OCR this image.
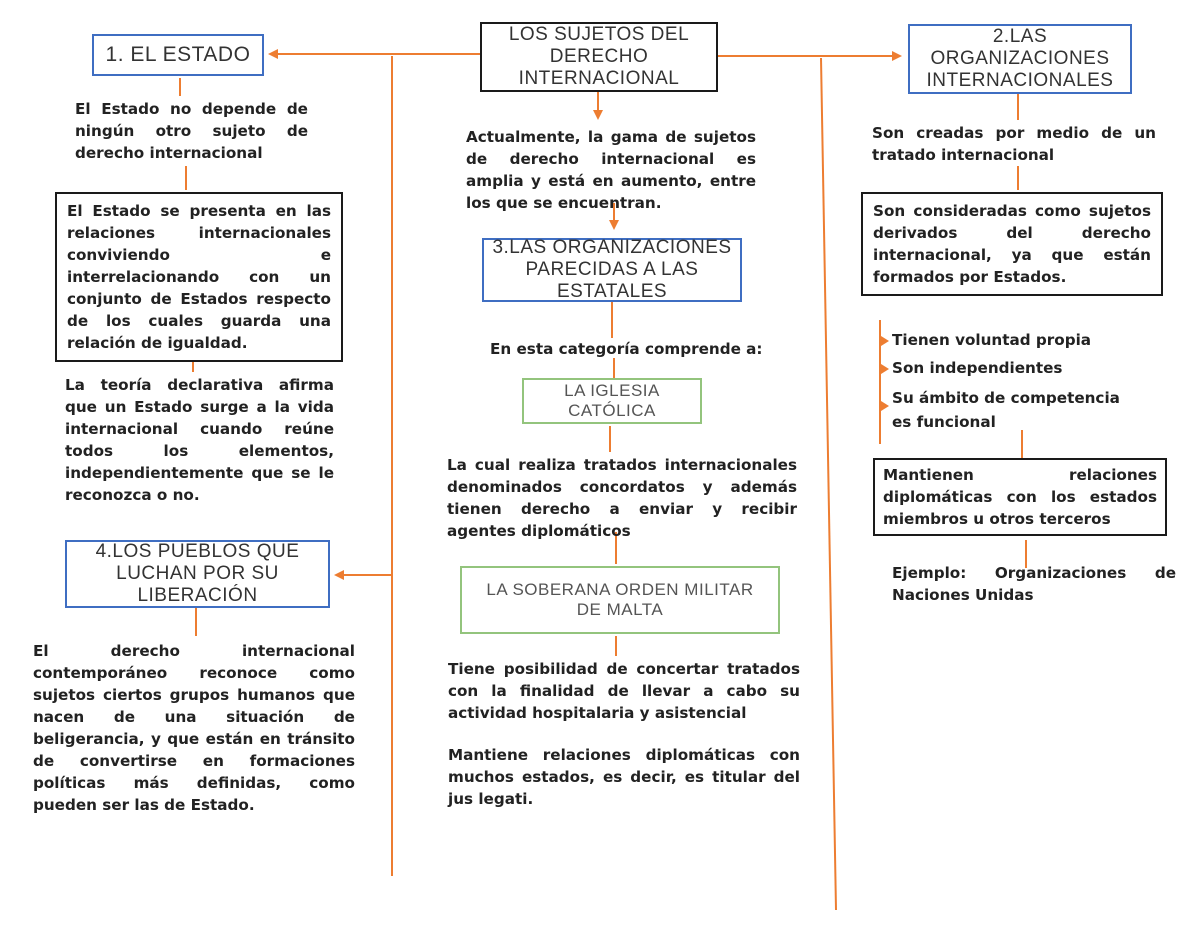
LOS SUJETOS DEL DERECHO INTERNACIONAL
1. EL ESTADO
El Estado no depende de ningún otro sujeto de derecho internacional
El Estado se presenta en las relaciones internacionales conviviendo e interrelacionando con un conjunto de Estados respecto de los cuales guarda una relación de igualdad.
La teoría declarativa afirma que un Estado surge a la vida internacional cuando reúne todos los elementos, independientemente que se le reconozca o no.
4.LOS PUEBLOS QUE LUCHAN POR SU LIBERACIÓN
El derecho internacional contemporáneo reconoce como sujetos ciertos grupos humanos que nacen de una situación de beligerancia, y que están en tránsito de convertirse en formaciones políticas más definidas, como pueden ser las de Estado.
Actualmente, la gama de sujetos de derecho internacional es amplia y está en aumento, entre los que se encuentran.
3.LAS ORGANIZACIONES PARECIDAS A LAS ESTATALES
En esta categoría comprende a:
LA IGLESIA CATÓLICA
La cual realiza tratados internacionales denominados concordatos y además tienen derecho a enviar y recibir agentes diplomáticos
LA SOBERANA ORDEN MILITAR DE MALTA
Tiene posibilidad de concertar tratados con la finalidad de llevar a cabo su actividad hospitalaria y asistencial
Mantiene relaciones diplomáticas con muchos estados, es decir, es titular del jus legati.
2.LAS ORGANIZACIONES INTERNACIONALES
Son creadas por medio de un tratado internacional
Son consideradas como sujetos derivados del derecho internacional, ya que están formados por Estados.
Tienen voluntad propia
Son independientes
Su ámbito de competencia es funcional
Mantienen relaciones diplomáticas con los estados miembros u otros terceros
Ejemplo: Organizaciones de Naciones Unidas
